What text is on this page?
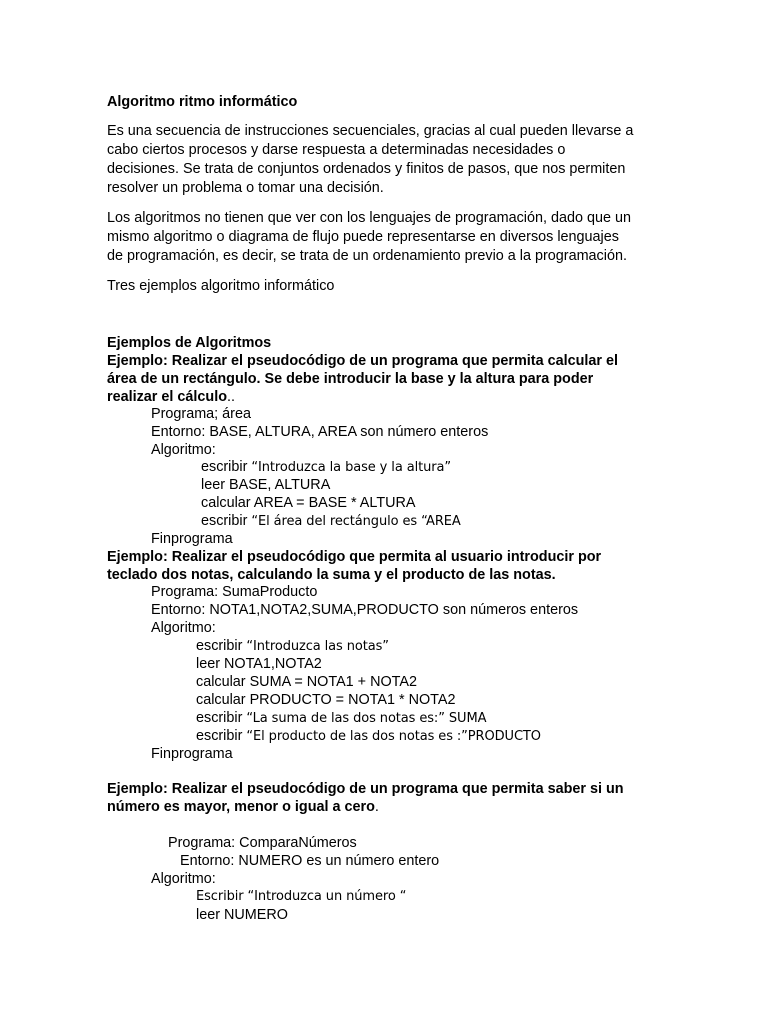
Algoritmo ritmo informático
Es una secuencia de instrucciones secuenciales, gracias al cual pueden llevarse a
cabo ciertos procesos y darse respuesta a determinadas necesidades o
decisiones. Se trata de conjuntos ordenados y finitos de pasos, que nos permiten
resolver un problema o tomar una decisión.
Los algoritmos no tienen que ver con los lenguajes de programación, dado que un
mismo algoritmo o diagrama de flujo puede representarse en diversos lenguajes
de programación, es decir, se trata de un ordenamiento previo a la programación.
Tres ejemplos algoritmo informático
Ejemplos de Algoritmos
Ejemplo: Realizar el pseudocódigo de un programa que permita calcular el
área de un rectángulo. Se debe introducir la base y la altura para poder
realizar el cálculo..
Programa; área
Entorno: BASE, ALTURA, AREA son número enteros
Algoritmo:
escribir “Introduzca la base y la altura”
leer BASE, ALTURA
calcular AREA = BASE * ALTURA
escribir “El área del rectángulo es “AREA
Finprograma
Ejemplo: Realizar el pseudocódigo que permita al usuario introducir por
teclado dos notas, calculando la suma y el producto de las notas.
Programa: SumaProducto
Entorno: NOTA1,NOTA2,SUMA,PRODUCTO son números enteros
Algoritmo:
escribir “Introduzca las notas”
leer NOTA1,NOTA2
calcular SUMA = NOTA1 + NOTA2
calcular PRODUCTO = NOTA1 * NOTA2
escribir “La suma de las dos notas es:” SUMA
escribir “El producto de las dos notas es :”PRODUCTO
Finprograma
Ejemplo: Realizar el pseudocódigo de un programa que permita saber si un
número es mayor, menor o igual a cero.
Programa: ComparaNúmeros
Entorno: NUMERO es un número entero
Algoritmo:
Escribir “Introduzca un número “
leer NUMERO
